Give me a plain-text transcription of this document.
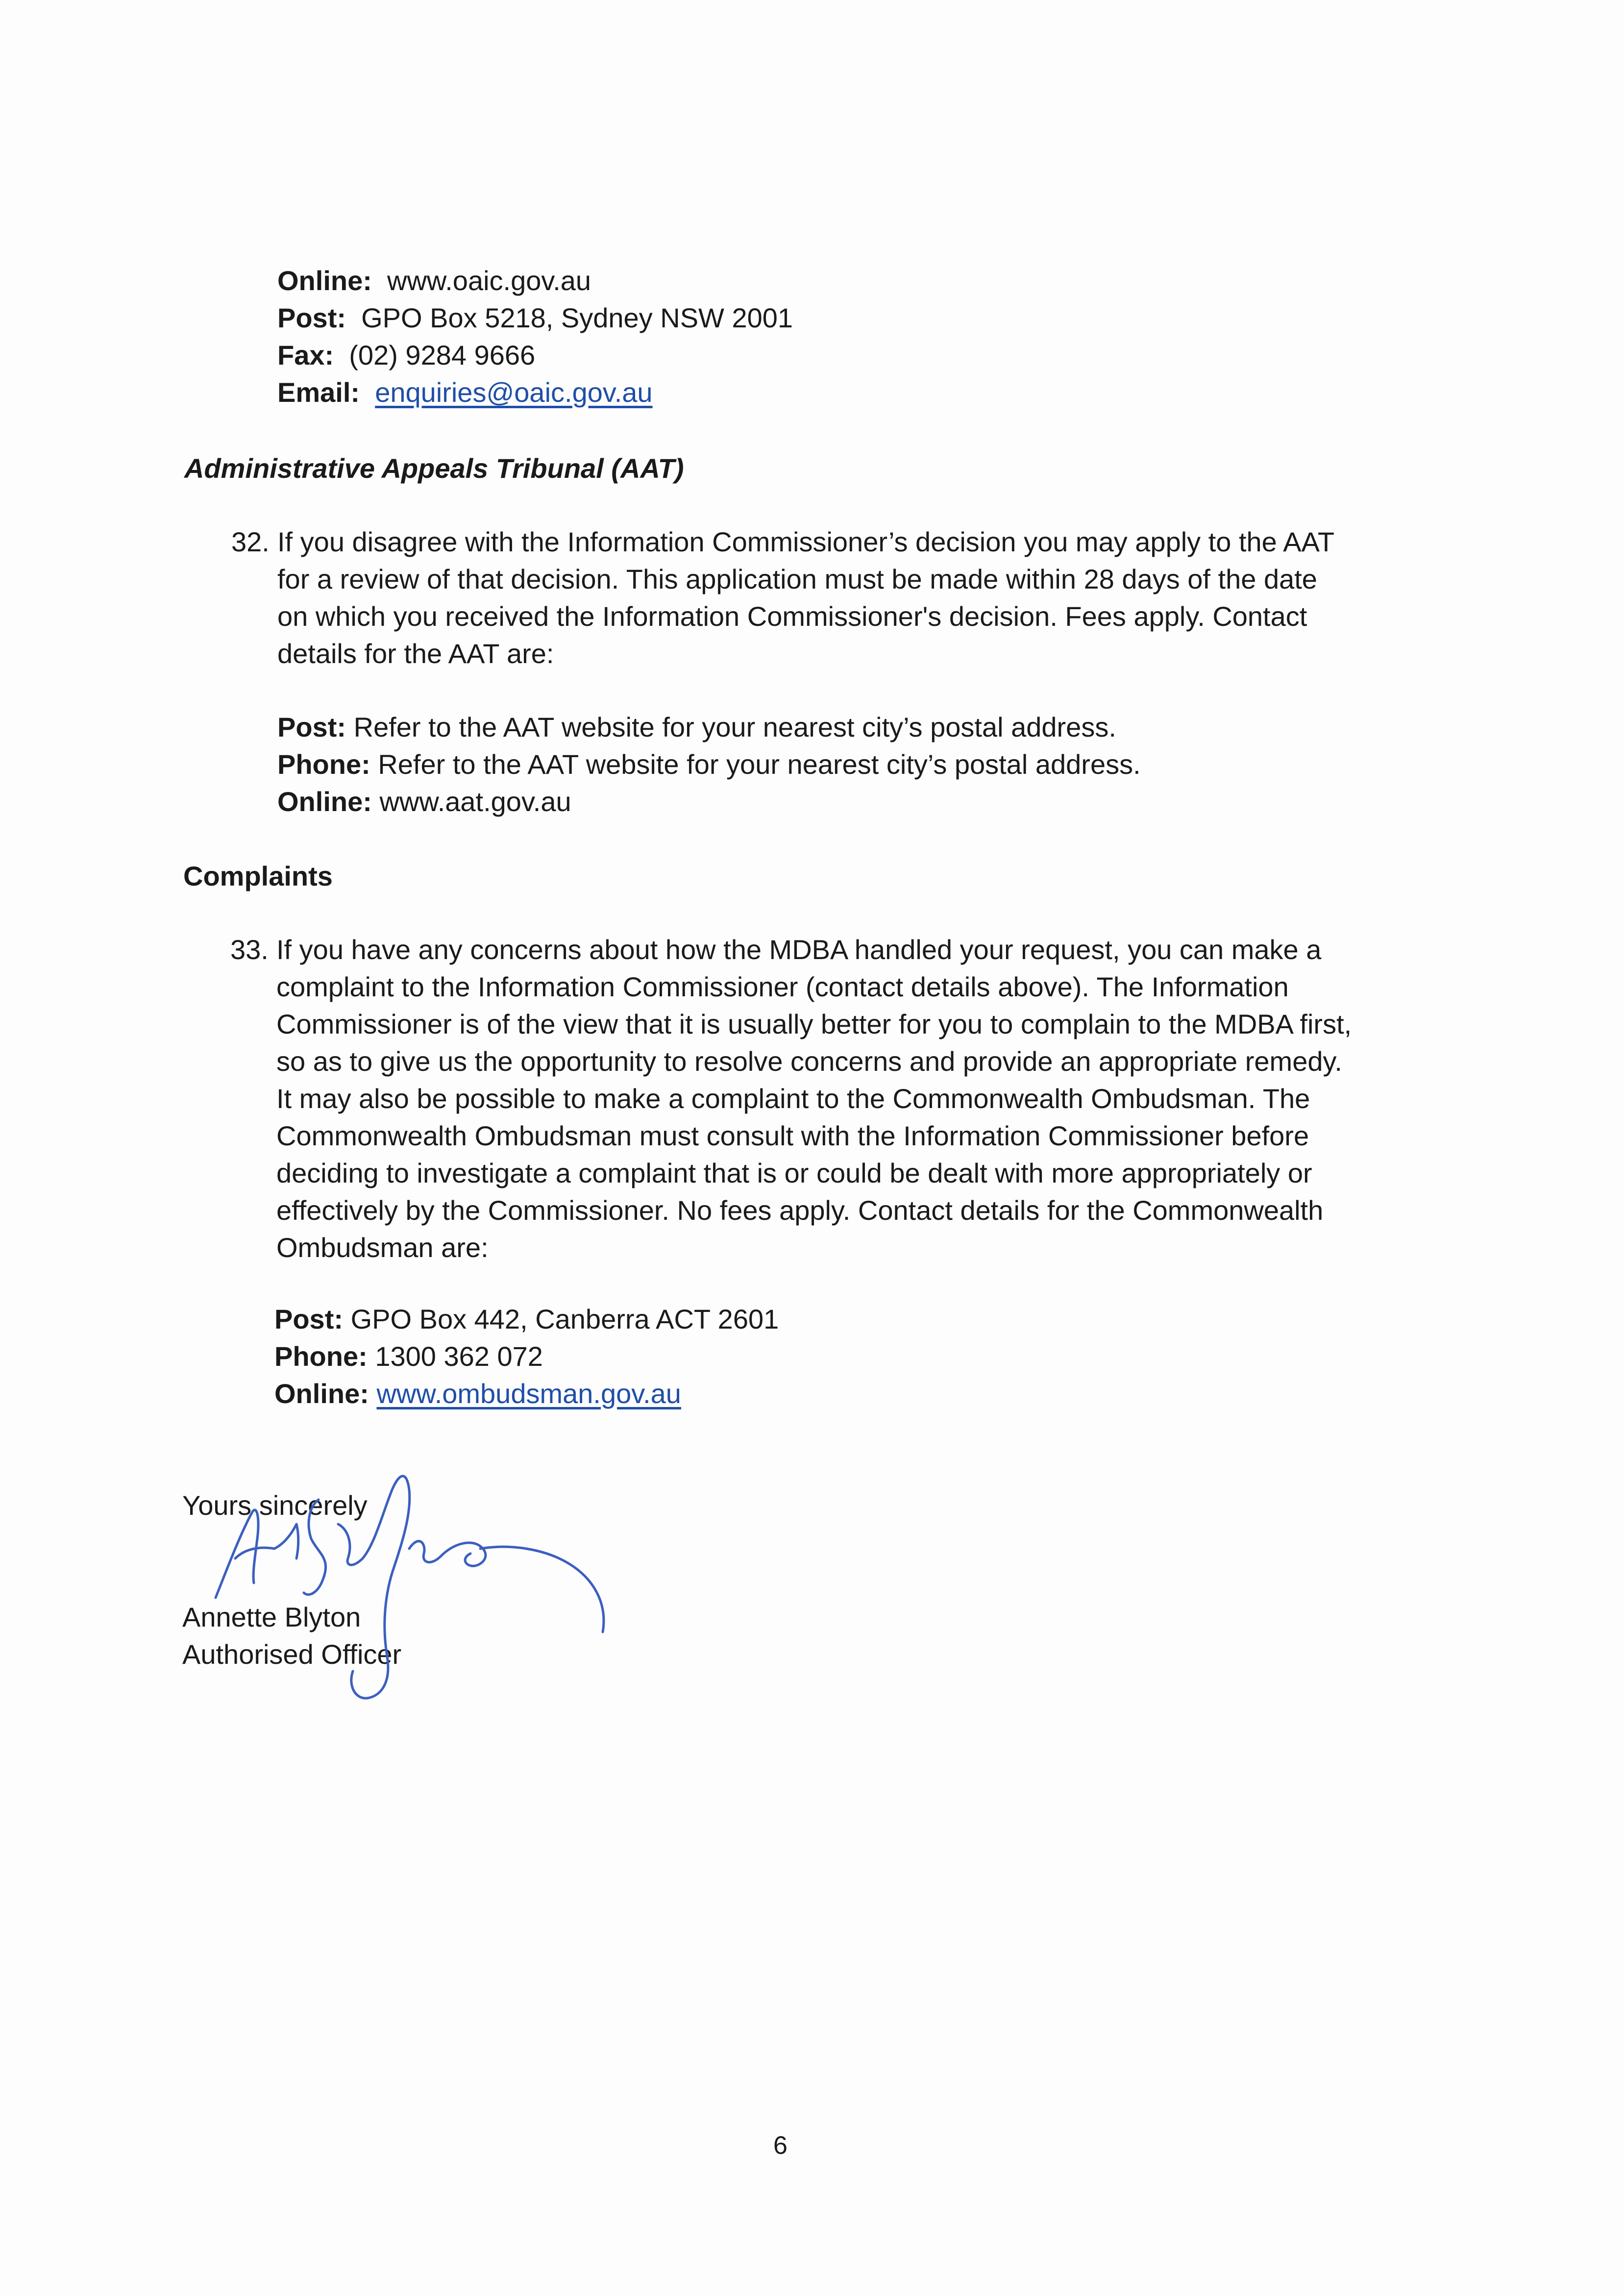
Online: www.oaic.gov.au
Post: GPO Box 5218, Sydney NSW 2001
Fax: (02) 9284 9666
Email: enquiries@oaic.gov.au
Administrative Appeals Tribunal (AAT)
32. If you disagree with the Information Commissioner’s decision you may apply to the AAT
for a review of that decision. This application must be made within 28 days of the date
on which you received the Information Commissioner's decision. Fees apply. Contact
details for the AAT are:
Post: Refer to the AAT website for your nearest city’s postal address.
Phone: Refer to the AAT website for your nearest city’s postal address.
Online: www.aat.gov.au
Complaints
33. If you have any concerns about how the MDBA handled your request, you can make a
complaint to the Information Commissioner (contact details above). The Information
Commissioner is of the view that it is usually better for you to complain to the MDBA first,
so as to give us the opportunity to resolve concerns and provide an appropriate remedy.
It may also be possible to make a complaint to the Commonwealth Ombudsman. The
Commonwealth Ombudsman must consult with the Information Commissioner before
deciding to investigate a complaint that is or could be dealt with more appropriately or
effectively by the Commissioner. No fees apply. Contact details for the Commonwealth
Ombudsman are:
Post: GPO Box 442, Canberra ACT 2601
Phone: 1300 362 072
Online: www.ombudsman.gov.au
Yours sincerely
Annette Blyton
Authorised Officer
6
